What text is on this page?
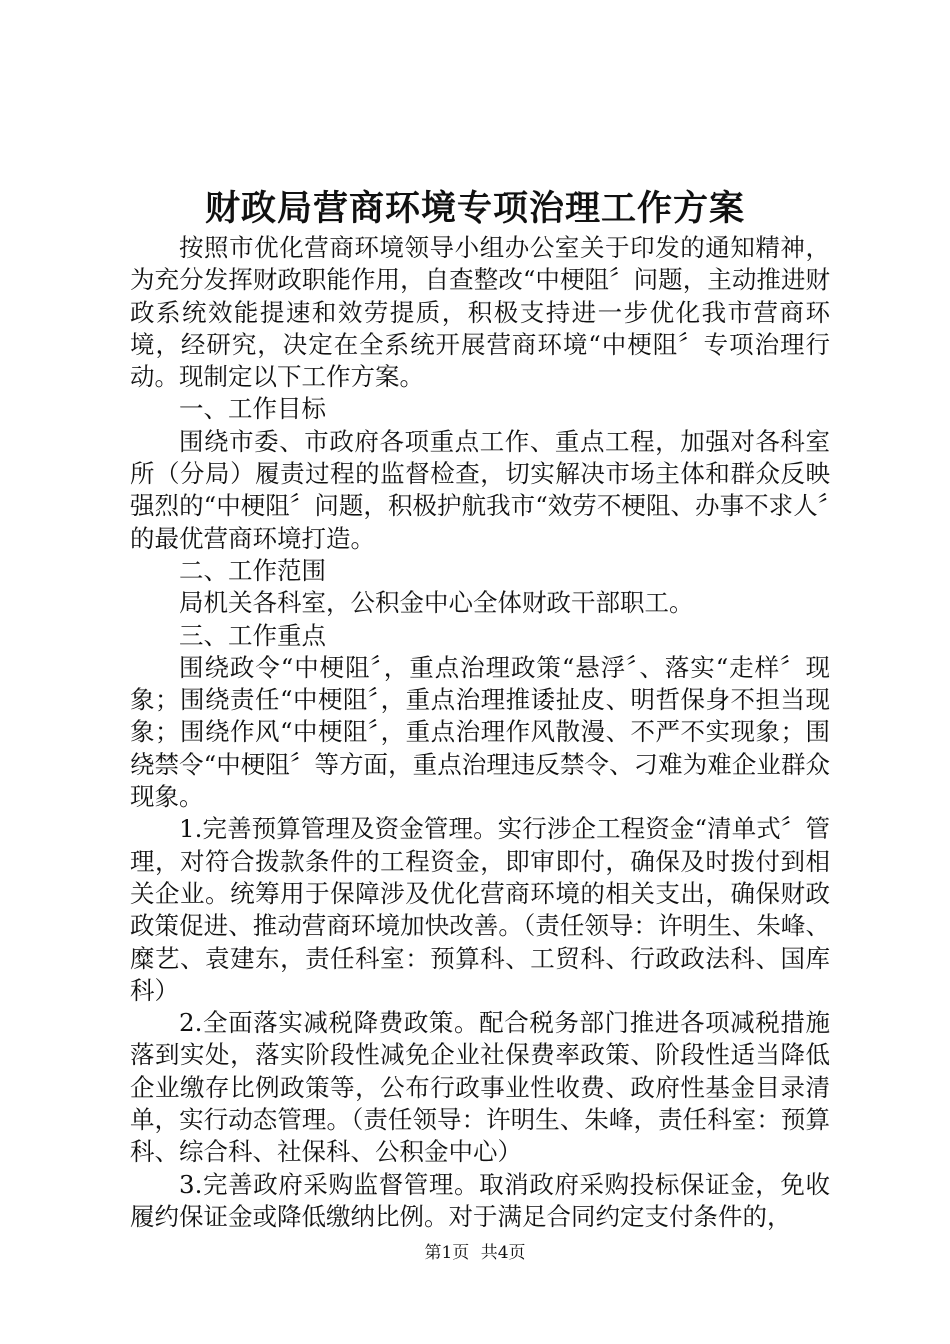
财政局营商环境专项治理工作方案

按照市优化营商环境领导小组办公室关于印发的通知精神，为充分发挥财政职能作用，自查整改“中梗阻〞问题，主动推进财政系统效能提速和效劳提质，积极支持进一步优化我市营商环境，经研究，决定在全系统开展营商环境“中梗阻〞专项治理行动。现制定以下工作方案。

一、工作目标

围绕市委、市政府各项重点工作、重点工程，加强对各科室所（分局）履责过程的监督检查，切实解决市场主体和群众反映强烈的“中梗阻〞问题，积极护航我市“效劳不梗阻、办事不求人〞的最优营商环境打造。

二、工作范围

局机关各科室，公积金中心全体财政干部职工。

三、工作重点

围绕政令“中梗阻〞，重点治理政策“悬浮〞、落实“走样〞现象；围绕责任“中梗阻〞，重点治理推诿扯皮、明哲保身不担当现象；围绕作风“中梗阻〞，重点治理作风散漫、不严不实现象；围绕禁令“中梗阻〞等方面，重点治理违反禁令、刁难为难企业群众现象。

1.完善预算管理及资金管理。实行涉企工程资金“清单式〞管理，对符合拨款条件的工程资金，即审即付，确保及时拨付到相关企业。统筹用于保障涉及优化营商环境的相关支出，确保财政政策促进、推动营商环境加快改善。（责任领导：许明生、朱峰、糜艺、袁建东，责任科室：预算科、工贸科、行政政法科、国库科）

2.全面落实减税降费政策。配合税务部门推进各项减税措施落到实处，落实阶段性减免企业社保费率政策、阶段性适当降低企业缴存比例政策等，公布行政事业性收费、政府性基金目录清单，实行动态管理。（责任领导：许明生、朱峰，责任科室：预算科、综合科、社保科、公积金中心）

3.完善政府采购监督管理。取消政府采购投标保证金，免收履约保证金或降低缴纳比例。对于满足合同约定支付条件的，

第1页 共4页
